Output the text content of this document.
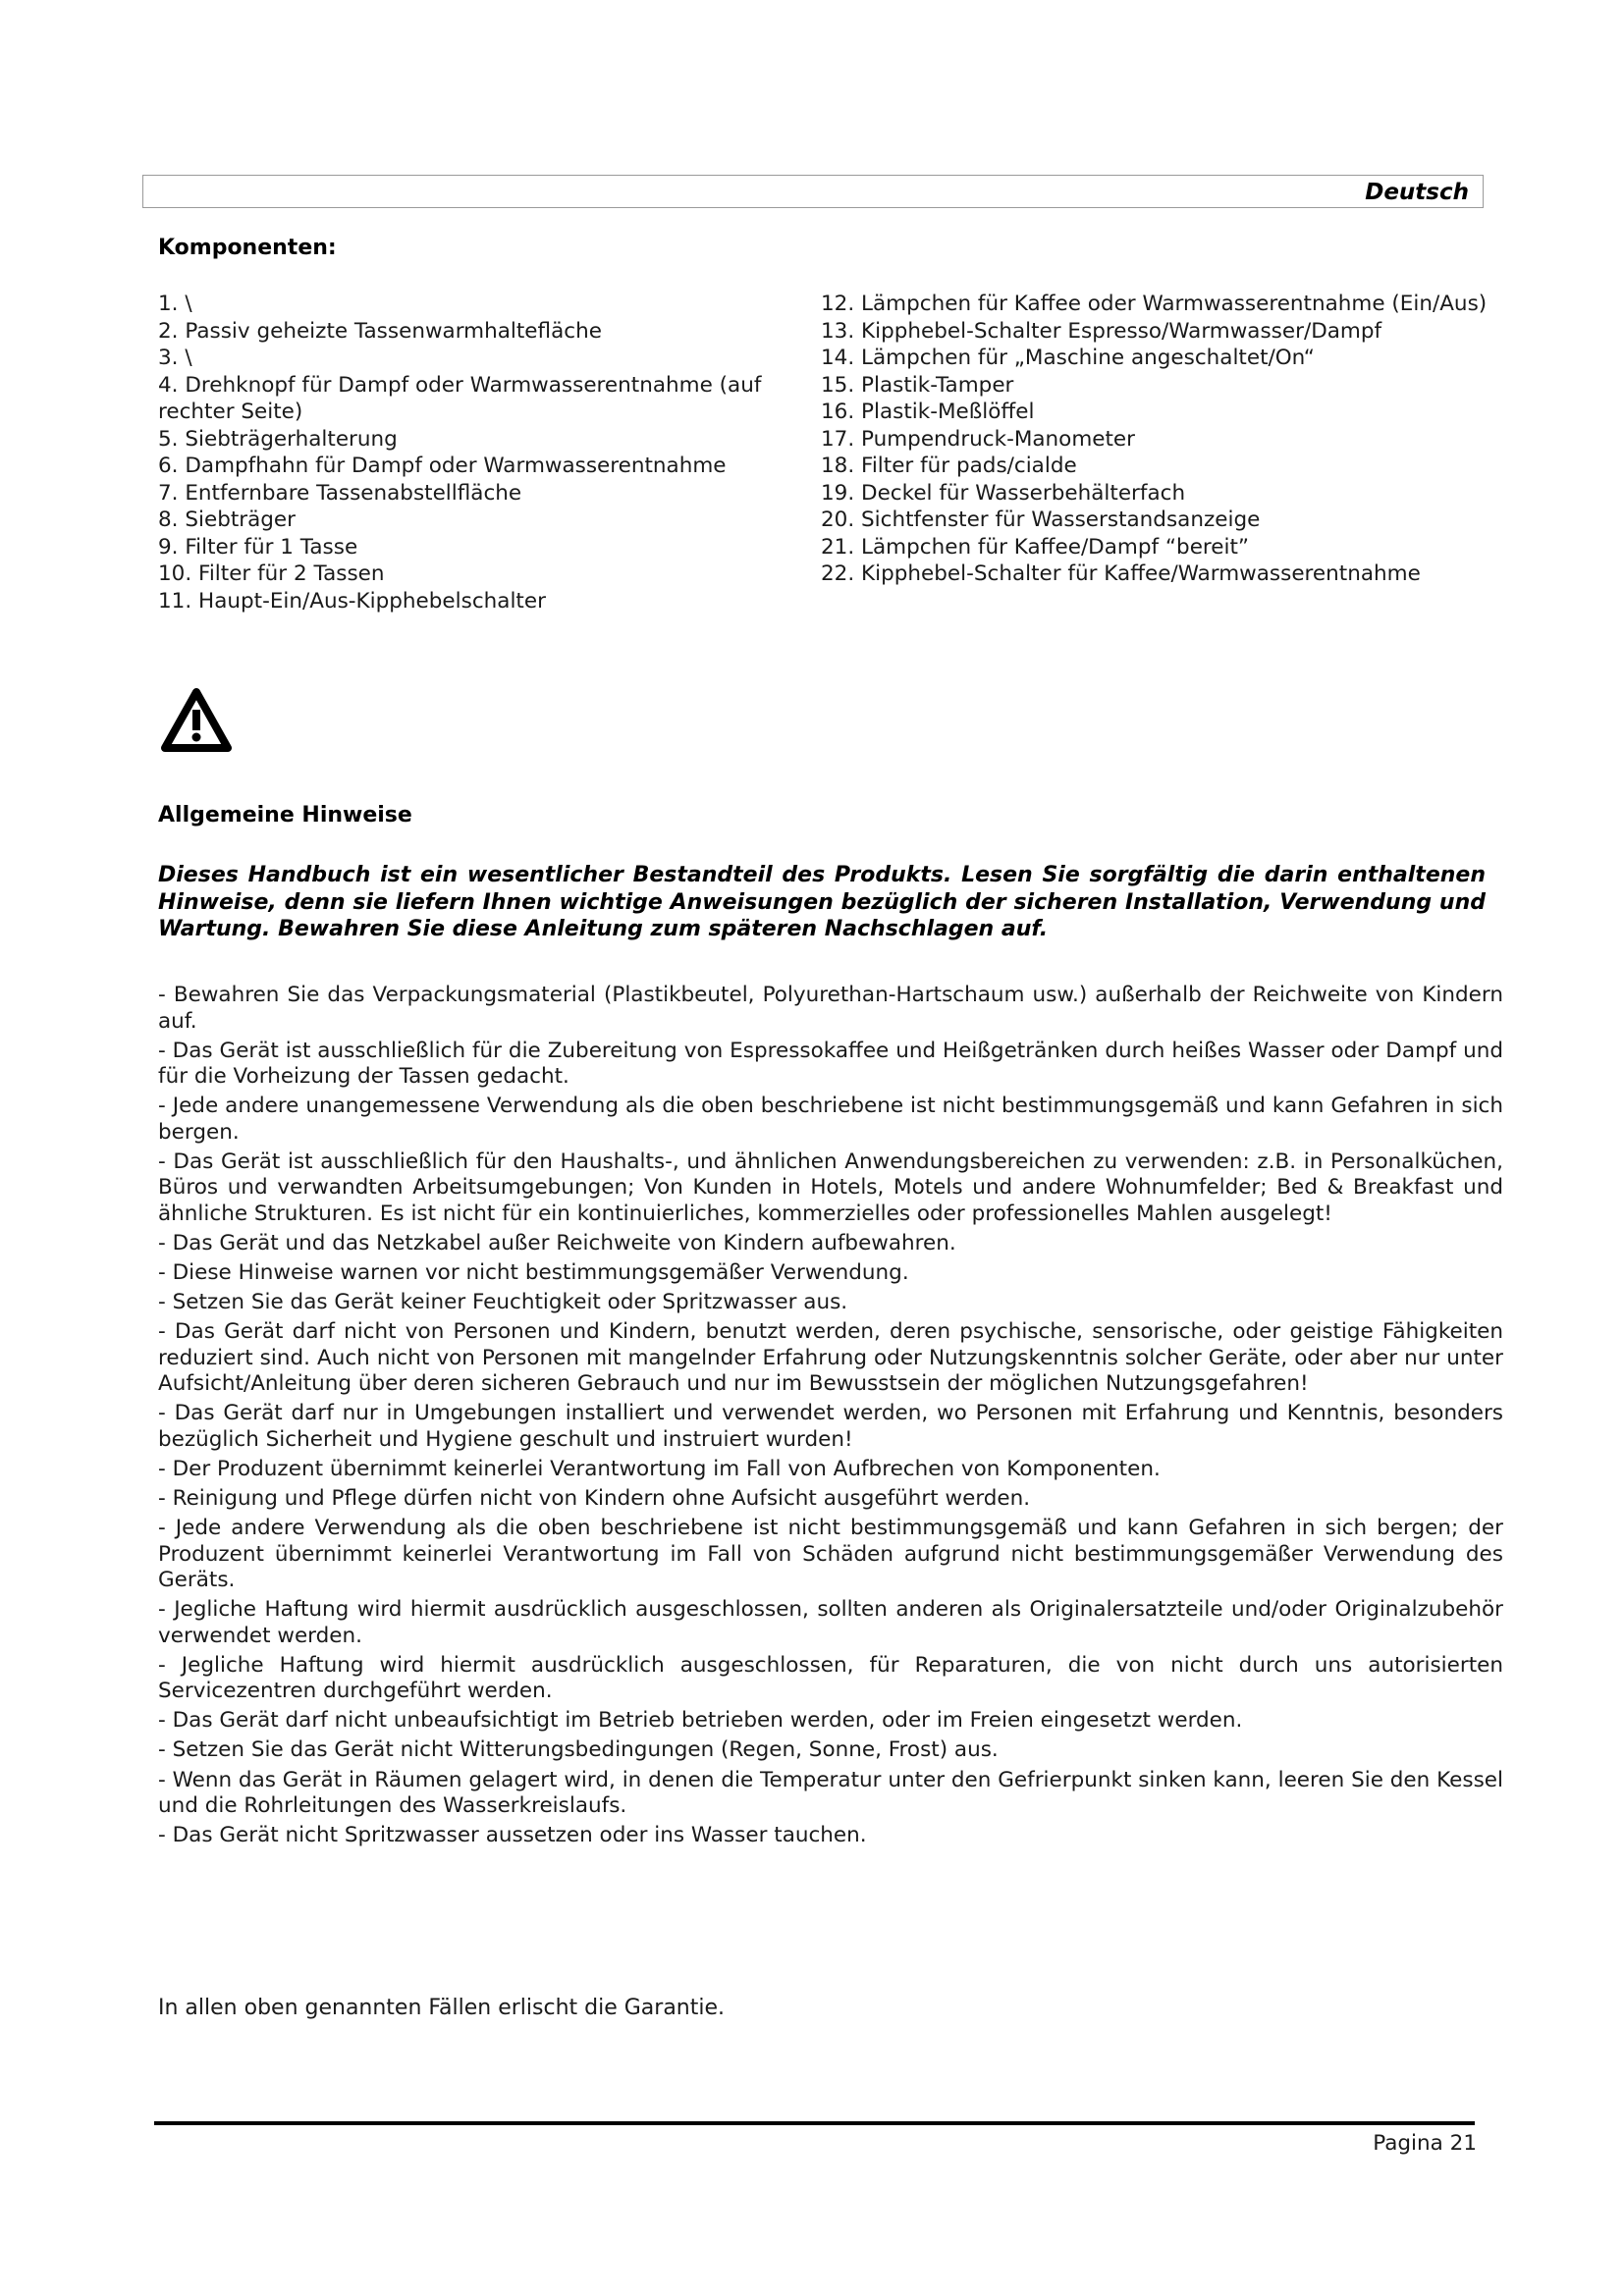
Deutsch
Komponenten:
1. \
2. Passiv geheizte Tassenwarmhaltefläche
3. \
4. Drehknopf für Dampf oder Warmwasserentnahme (auf rechter Seite)
5. Siebträgerhalterung
6. Dampfhahn für Dampf oder Warmwasserentnahme
7. Entfernbare Tassenabstellfläche
8. Siebträger
9. Filter für 1 Tasse
10. Filter für 2 Tassen
11. Haupt-Ein/Aus-Kipphebelschalter
12. Lämpchen für Kaffee oder Warmwasserentnahme (Ein/Aus)
13. Kipphebel-Schalter Espresso/Warmwasser/Dampf
14. Lämpchen für „Maschine angeschaltet/On“
15. Plastik-Tamper
16. Plastik-Meßlöffel
17. Pumpendruck-Manometer
18. Filter für pads/cialde
19. Deckel für Wasserbehälterfach
20. Sichtfenster für Wasserstandsanzeige
21. Lämpchen für Kaffee/Dampf “bereit”
22. Kipphebel-Schalter für Kaffee/Warmwasserentnahme
Allgemeine Hinweise
Dieses Handbuch ist ein wesentlicher Bestandteil des Produkts. Lesen Sie sorgfältig die darin enthaltenen Hinweise, denn sie liefern Ihnen wichtige Anweisungen bezüglich der sicheren Installation, Verwendung und Wartung. Bewahren Sie diese Anleitung zum späteren Nachschlagen auf.
- Bewahren Sie das Verpackungsmaterial (Plastikbeutel, Polyurethan-Hartschaum usw.) außerhalb der Reichweite von Kindern auf.
- Das Gerät ist ausschließlich für die Zubereitung von Espressokaffee und Heißgetränken durch heißes Wasser oder Dampf und für die Vorheizung der Tassen gedacht.
- Jede andere unangemessene Verwendung als die oben beschriebene ist nicht bestimmungsgemäß und kann Gefahren in sich bergen.
- Das Gerät ist ausschließlich für den Haushalts-, und ähnlichen Anwendungsbereichen zu verwenden: z.B. in Personalküchen, Büros und verwandten Arbeitsumgebungen; Von Kunden in Hotels, Motels und andere Wohnumfelder; Bed & Breakfast und ähnliche Strukturen. Es ist nicht für ein kontinuierliches, kommerzielles oder professionelles Mahlen ausgelegt!
- Das Gerät und das Netzkabel außer Reichweite von Kindern aufbewahren.
- Diese Hinweise warnen vor nicht bestimmungsgemäßer Verwendung.
- Setzen Sie das Gerät keiner Feuchtigkeit oder Spritzwasser aus.
- Das Gerät darf nicht von Personen und Kindern, benutzt werden, deren psychische, sensorische, oder geistige Fähigkeiten reduziert sind. Auch nicht von Personen mit mangelnder Erfahrung oder Nutzungskenntnis solcher Geräte, oder aber nur unter Aufsicht/Anleitung über deren sicheren Gebrauch und nur im Bewusstsein der möglichen Nutzungsgefahren!
- Das Gerät darf nur in Umgebungen installiert und verwendet werden, wo Personen mit Erfahrung und Kenntnis, besonders bezüglich Sicherheit und Hygiene geschult und instruiert wurden!
- Der Produzent übernimmt keinerlei Verantwortung im Fall von Aufbrechen von Komponenten.
- Reinigung und Pflege dürfen nicht von Kindern ohne Aufsicht ausgeführt werden.
- Jede andere Verwendung als die oben beschriebene ist nicht bestimmungsgemäß und kann Gefahren in sich bergen; der Produzent übernimmt keinerlei Verantwortung im Fall von Schäden aufgrund nicht bestimmungsgemäßer Verwendung des Geräts.
- Jegliche Haftung wird hiermit ausdrücklich ausgeschlossen, sollten anderen als Originalersatzteile und/oder Originalzubehör verwendet werden.
- Jegliche Haftung wird hiermit ausdrücklich ausgeschlossen, für Reparaturen, die von nicht durch uns autorisierten Servicezentren durchgeführt werden.
- Das Gerät darf nicht unbeaufsichtigt im Betrieb betrieben werden, oder im Freien eingesetzt werden.
- Setzen Sie das Gerät nicht Witterungsbedingungen (Regen, Sonne, Frost) aus.
- Wenn das Gerät in Räumen gelagert wird, in denen die Temperatur unter den Gefrierpunkt sinken kann, leeren Sie den Kessel und die Rohrleitungen des Wasserkreislaufs.
- Das Gerät nicht Spritzwasser aussetzen oder ins Wasser tauchen.
In allen oben genannten Fällen erlischt die Garantie.
Pagina 21
